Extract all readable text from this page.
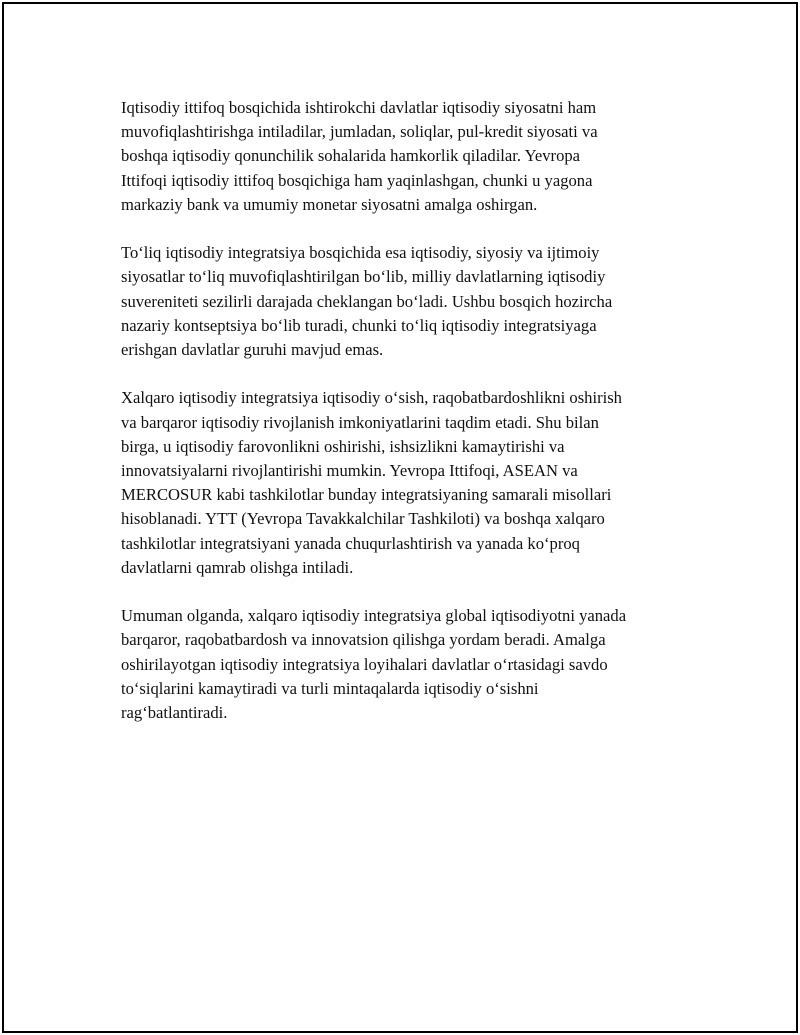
Iqtisodiy ittifoq bosqichida ishtirokchi davlatlar iqtisodiy siyosatni ham
muvofiqlashtirishga intiladilar, jumladan, soliqlar, pul-kredit siyosati va
boshqa iqtisodiy qonunchilik sohalarida hamkorlik qiladilar. Yevropa
Ittifoqi iqtisodiy ittifoq bosqichiga ham yaqinlashgan, chunki u yagona
markaziy bank va umumiy monetar siyosatni amalga oshirgan.

To‘liq iqtisodiy integratsiya bosqichida esa iqtisodiy, siyosiy va ijtimoiy
siyosatlar to‘liq muvofiqlashtirilgan bo‘lib, milliy davlatlarning iqtisodiy
suvereniteti sezilirli darajada cheklangan bo‘ladi. Ushbu bosqich hozircha
nazariy kontseptsiya bo‘lib turadi, chunki to‘liq iqtisodiy integratsiyaga
erishgan davlatlar guruhi mavjud emas.

Xalqaro iqtisodiy integratsiya iqtisodiy o‘sish, raqobatbardoshlikni oshirish
va barqaror iqtisodiy rivojlanish imkoniyatlarini taqdim etadi. Shu bilan
birga, u iqtisodiy farovonlikni oshirishi, ishsizlikni kamaytirishi va
innovatsiyalarni rivojlantirishi mumkin. Yevropa Ittifoqi, ASEAN va
MERCOSUR kabi tashkilotlar bunday integratsiyaning samarali misollari
hisoblanadi. YTT (Yevropa Tavakkalchilar Tashkiloti) va boshqa xalqaro
tashkilotlar integratsiyani yanada chuqurlashtirish va yanada ko‘proq
davlatlarni qamrab olishga intiladi.

Umuman olganda, xalqaro iqtisodiy integratsiya global iqtisodiyotni yanada
barqaror, raqobatbardosh va innovatsion qilishga yordam beradi. Amalga
oshirilayotgan iqtisodiy integratsiya loyihalari davlatlar o‘rtasidagi savdo
to‘siqlarini kamaytiradi va turli mintaqalarda iqtisodiy o‘sishni
rag‘batlantiradi.
